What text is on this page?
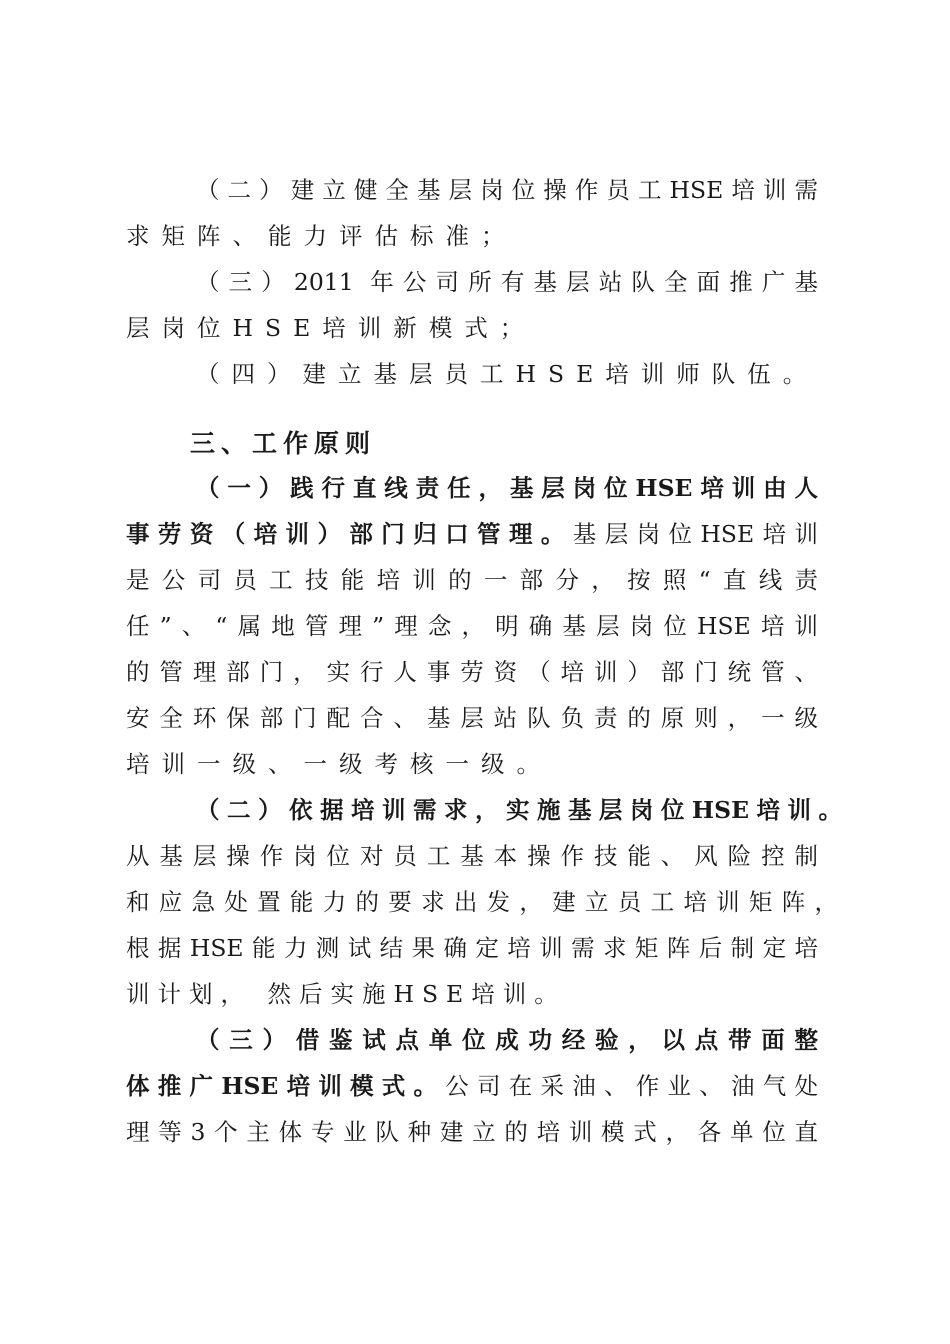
（二）建立健全基层岗位操作员工HSE培训需
求矩阵、能力评估标准；
（三）2011 年公司所有基层站队全面推广基
层岗位HSE培训新模式；
（四）建立基层员工HSE培训师队伍。
三、工作原则
（一）践行直线责任，基层岗位HSE培训由人
事劳资（培训）部门归口管理。基层岗位HSE培训
是公司员工技能培训的一部分，按照“直线责
任”、“属地管理”理念，明确基层岗位HSE培训
的管理部门，实行人事劳资（培训）部门统管、
安全环保部门配合、基层站队负责的原则，一级
培训一级、一级考核一级。
（二）依据培训需求，实施基层岗位HSE培训。
从基层操作岗位对员工基本操作技能、风险控制
和应急处置能力的要求出发，建立员工培训矩阵，
根据HSE能力测试结果确定培训需求矩阵后制定培
训计划， 然后实施HSE培训。
（三）借鉴试点单位成功经验，以点带面整
体推广HSE培训模式。公司在采油、作业、油气处
理等3个主体专业队种建立的培训模式，各单位直
